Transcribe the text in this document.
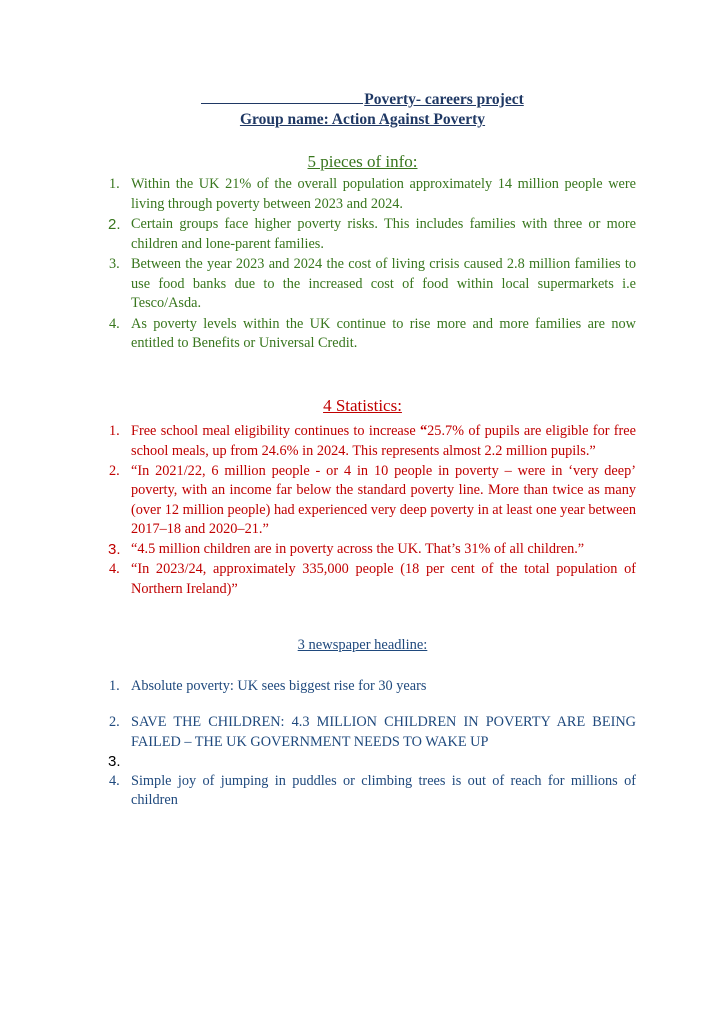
Poverty- careers project
Group name: Action Against Poverty
5 pieces of info:
1. Within the UK 21% of the overall population approximately 14 million people were living through poverty between 2023 and 2024.
2. Certain groups face higher poverty risks. This includes families with three or more children and lone-parent families.
3. Between the year 2023 and 2024 the cost of living crisis caused 2.8 million families to use food banks due to the increased cost of food within local supermarkets i.e Tesco/Asda.
4. As poverty levels within the UK continue to rise more and more families are now entitled to Benefits or Universal Credit.
4 Statistics:
1. Free school meal eligibility continues to increase “25.7% of pupils are eligible for free school meals, up from 24.6% in 2024. This represents almost 2.2 million pupils.”
2. “In 2021/22, 6 million people - or 4 in 10 people in poverty – were in ‘very deep’ poverty, with an income far below the standard poverty line. More than twice as many (over 12 million people) had experienced very deep poverty in at least one year between 2017–18 and 2020–21.”
3. “4.5 million children are in poverty across the UK. That’s 31% of all children.”
4. “In 2023/24, approximately 335,000 people (18 per cent of the total population of Northern Ireland)”
3 newspaper headline:
1. Absolute poverty: UK sees biggest rise for 30 years
2. SAVE THE CHILDREN: 4.3 MILLION CHILDREN IN POVERTY ARE BEING FAILED – THE UK GOVERNMENT NEEDS TO WAKE UP
3.
4. Simple joy of jumping in puddles or climbing trees is out of reach for millions of children
